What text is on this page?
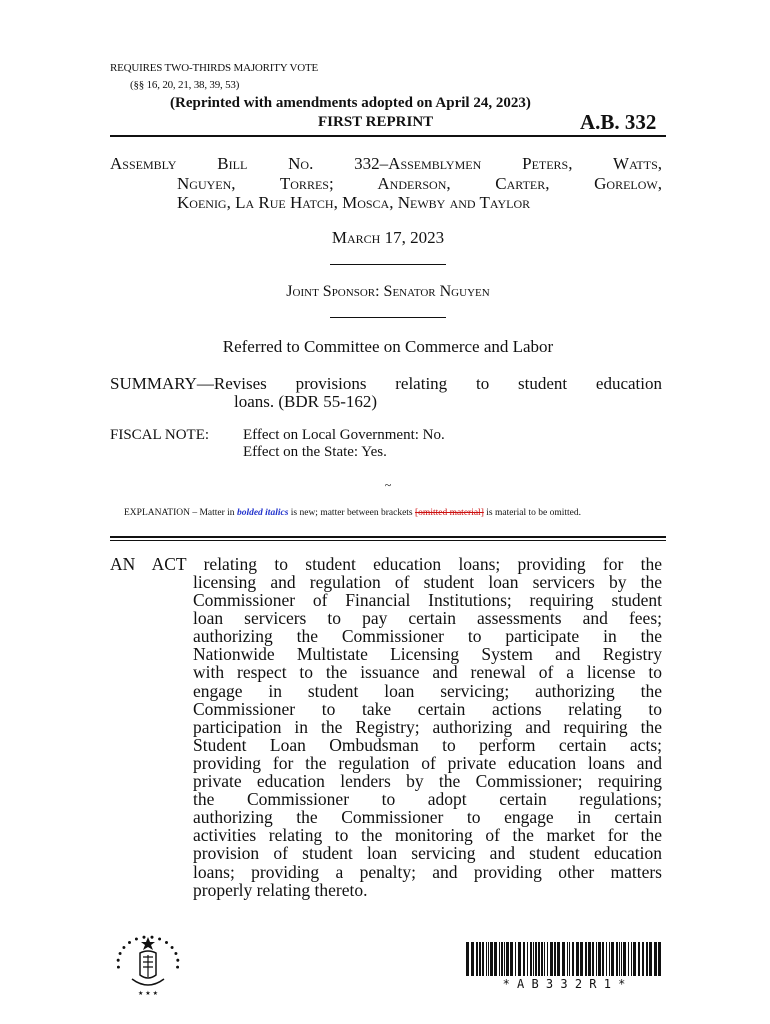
REQUIRES TWO-THIRDS MAJORITY VOTE
(§§ 16, 20, 21, 38, 39, 53)
(Reprinted with amendments adopted on April 24, 2023)
FIRST REPRINT	A.B. 332
Assembly Bill No. 332–Assemblymen Peters, Watts,
Nguyen, Torres; Anderson, Carter, Gorelow,
Koenig, La Rue Hatch, Mosca, Newby and Taylor
March 17, 2023
Joint Sponsor: Senator Nguyen
Referred to Committee on Commerce and Labor
SUMMARY—Revises provisions relating to student education
loans. (BDR 55-162)
FISCAL NOTE: Effect on Local Government: No.
Effect on the State: Yes.
~
EXPLANATION – Matter in bolded italics is new; matter between brackets [omitted material] is material to be omitted.
AN ACT relating to student education loans; providing for the
licensing and regulation of student loan servicers by the
Commissioner of Financial Institutions; requiring student
loan servicers to pay certain assessments and fees;
authorizing the Commissioner to participate in the
Nationwide Multistate Licensing System and Registry
with respect to the issuance and renewal of a license to
engage in student loan servicing; authorizing the
Commissioner to take certain actions relating to
participation in the Registry; authorizing and requiring the
Student Loan Ombudsman to perform certain acts;
providing for the regulation of private education loans and
private education lenders by the Commissioner; requiring
the Commissioner to adopt certain regulations;
authorizing the Commissioner to engage in certain
activities relating to the monitoring of the market for the
provision of student loan servicing and student education
loans; providing a penalty; and providing other matters
properly relating thereto.
★ ★ ★
* A B 3 3 2 R 1 *
